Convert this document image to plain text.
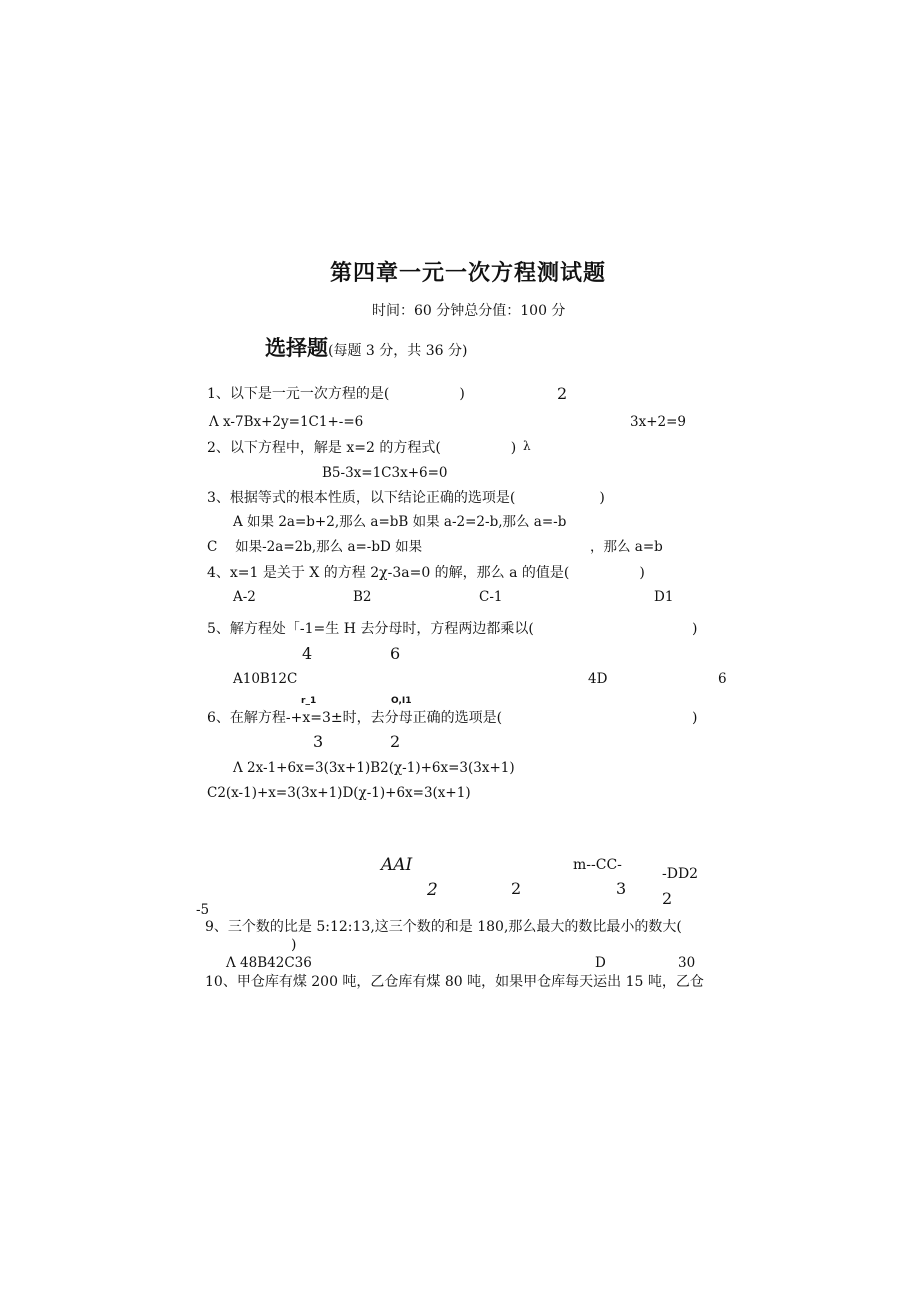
第四章一元一次方程测试题
时间：60 分钟总分值：100 分
选择题(每题 3 分，共 36 分)
1、以下是一元一次方程的是(　　　　　)	2
Λ x-7Bx+2y=1C1+-=6	3x+2=9
2、以下方程中，解是 x=2 的方程式(　　　　　) λ
B5-3x=1C3x+6=0
3、根据等式的根本性质，以下结论正确的选项是(　　　　　　)
A 如果 2a=b+2,那么 a=bB 如果 a-2=2-b,那么 a=-b
C　 如果-2a=2b,那么 a=-bD 如果	，那么 a=b
4、x=1 是关于 X 的方程 2χ-3a=0 的解，那么 a 的值是(　　　　　)
A-2	B2	C-1	D1
5、解方程处「-1=生 H 去分母时，方程两边都乘以(	)
4	6
A10B12C	4D	6
r_1	O,I1
6、在解方程-+x=3±时，去分母正确的选项是(	)
3	2
Λ 2x-1+6x=3(3x+1)B2(χ-1)+6x=3(3x+1)
C2(x-1)+x=3(3x+1)D(χ-1)+6x=3(x+1)
AAI	m--CC-
-DD2
2	2	3
2
-5
9、三个数的比是 5:12:13,这三个数的和是 180,那么最大的数比最小的数大(
)
Λ 48B42C36	D	30
10、甲仓库有煤 200 吨，乙仓库有煤 80 吨，如果甲仓库每天运出 15 吨，乙仓
